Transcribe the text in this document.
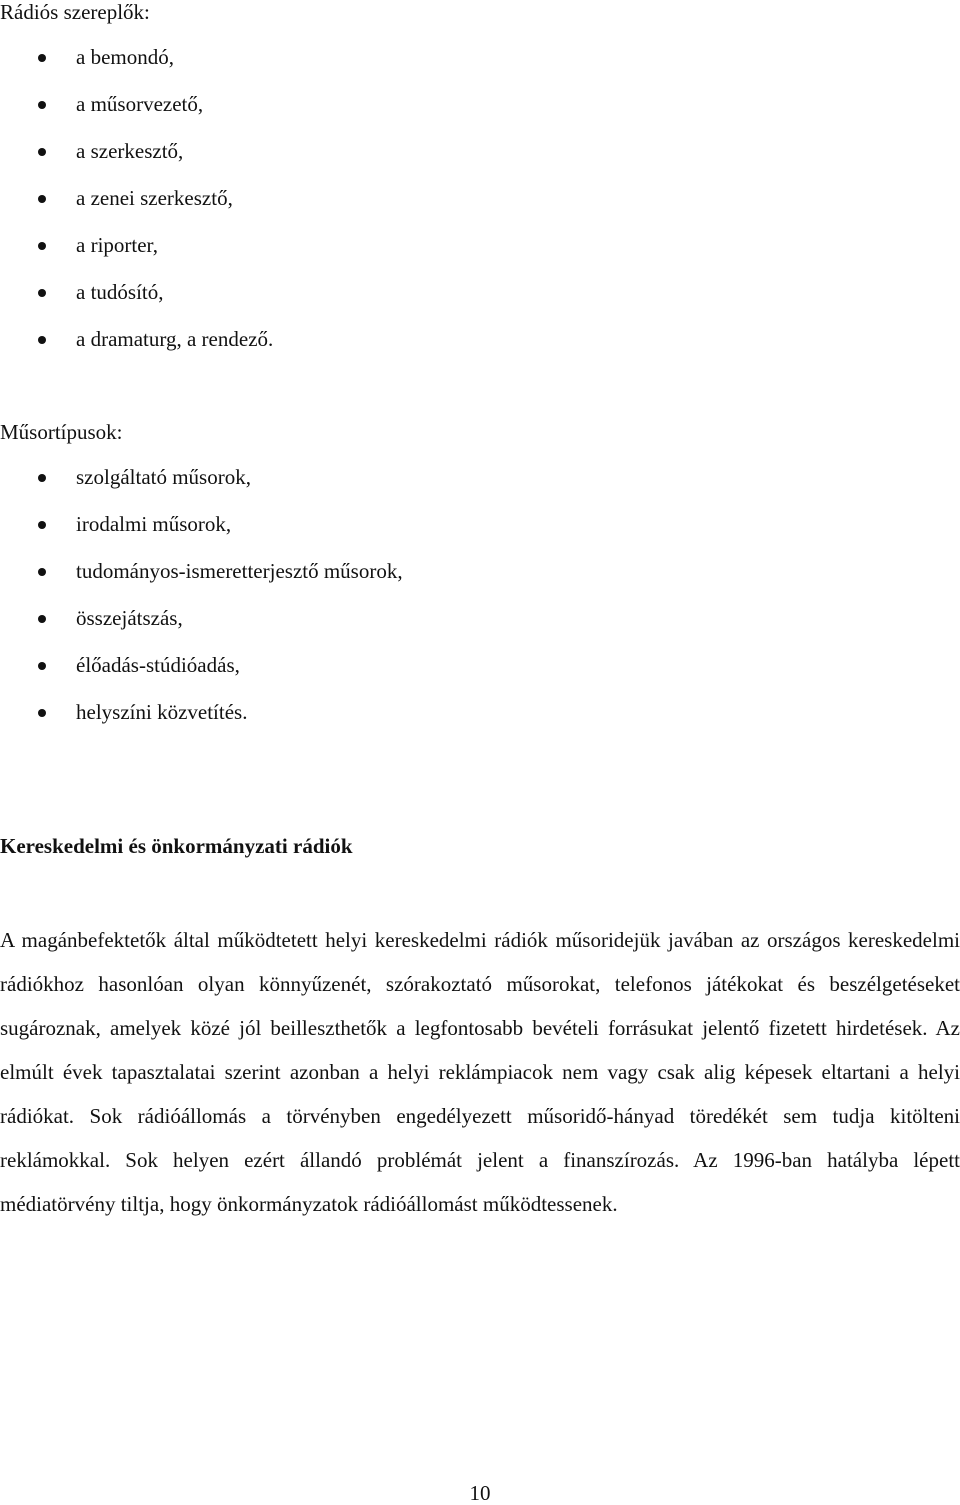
Rádiós szereplők:

a bemondó,
a műsorvezető,
a szerkesztő,
a zenei szerkesztő,
a riporter,
a tudósító,
a dramaturg, a rendező.

Műsortípusok:

szolgáltató műsorok,
irodalmi műsorok,
tudományos-ismeretterjesztő műsorok,
összejátszás,
élőadás-stúdióadás,
helyszíni közvetítés.
Kereskedelmi és önkormányzati rádiók

A magánbefektetők által működtetett helyi kereskedelmi rádiók műsoridejük javában az országos kereskedelmi rádiókhoz hasonlóan olyan könnyűzenét, szórakoztató műsorokat, telefonos játékokat és beszélgetéseket sugároznak, amelyek közé jól beilleszthetők a legfontosabb bevételi forrásukat jelentő fizetett hirdetések. Az elmúlt évek tapasztalatai szerint azonban a helyi reklámpiacok nem vagy csak alig képesek eltartani a helyi rádiókat. Sok rádióállomás a törvényben engedélyezett műsoridő-hányad töredékét sem tudja kitölteni reklámokkal. Sok helyen ezért állandó problémát jelent a finanszírozás. Az 1996-ban hatályba lépett médiatörvény tiltja, hogy önkormányzatok rádióállomást működtessenek.

10
